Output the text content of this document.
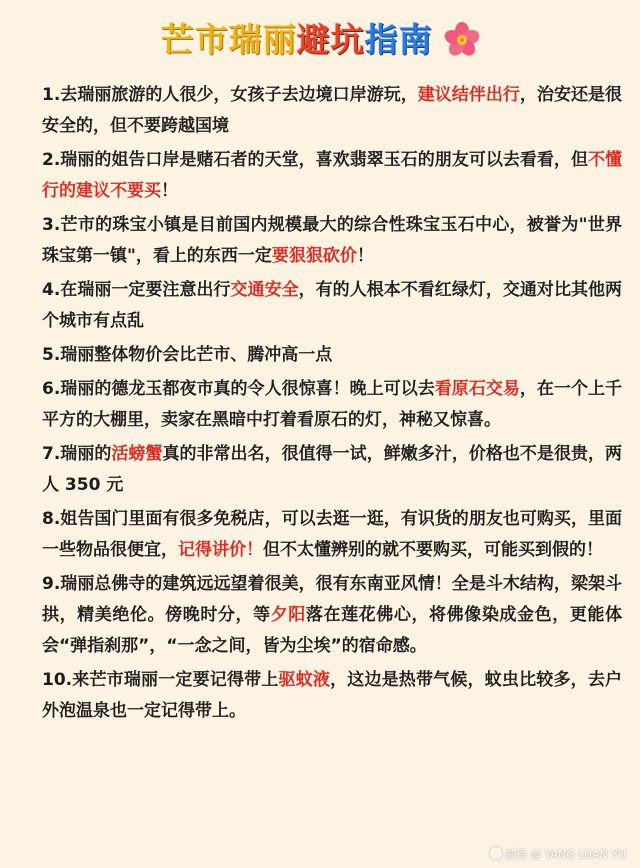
芒市瑞丽避坑指南

1.去瑞丽旅游的人很少，女孩子去边境口岸游玩，建议结伴出行，治安还是很安全的，但不要跨越国境

2.瑞丽的姐告口岸是赌石者的天堂，喜欢翡翠玉石的朋友可以去看看，但不懂行的建议不要买！

3.芒市的珠宝小镇是目前国内规模最大的综合性珠宝玉石中心，被誉为"世界珠宝第一镇"，看上的东西一定要狠狠砍价！

4.在瑞丽一定要注意出行交通安全，有的人根本不看红绿灯，交通对比其他两个城市有点乱

5.瑞丽整体物价会比芒市、腾冲高一点

6.瑞丽的德龙玉都夜市真的令人很惊喜！晚上可以去看原石交易，在一个上千平方的大棚里，卖家在黑暗中打着看原石的灯，神秘又惊喜。

7.瑞丽的活螃蟹真的非常出名，很值得一试，鲜嫩多汁，价格也不是很贵，两人 350 元

8.姐告国门里面有很多免税店，可以去逛一逛，有识货的朋友也可购买，里面一些物品很便宜，记得讲价！但不太懂辨别的就不要购买，可能买到假的！

9.瑞丽总佛寺的建筑远远望着很美，很有东南亚风情！全是斗木结构，梁架斗拱，精美绝伦。傍晚时分，等夕阳落在莲花佛心，将佛像染成金色，更能体会“弹指刹那”，“一念之间，皆为尘埃”的宿命感。

10.来芒市瑞丽一定要记得带上驱蚊液，这边是热带气候，蚊虫比较多，去户外泡温泉也一定记得带上。

携程 @ YANG LUAN YU
